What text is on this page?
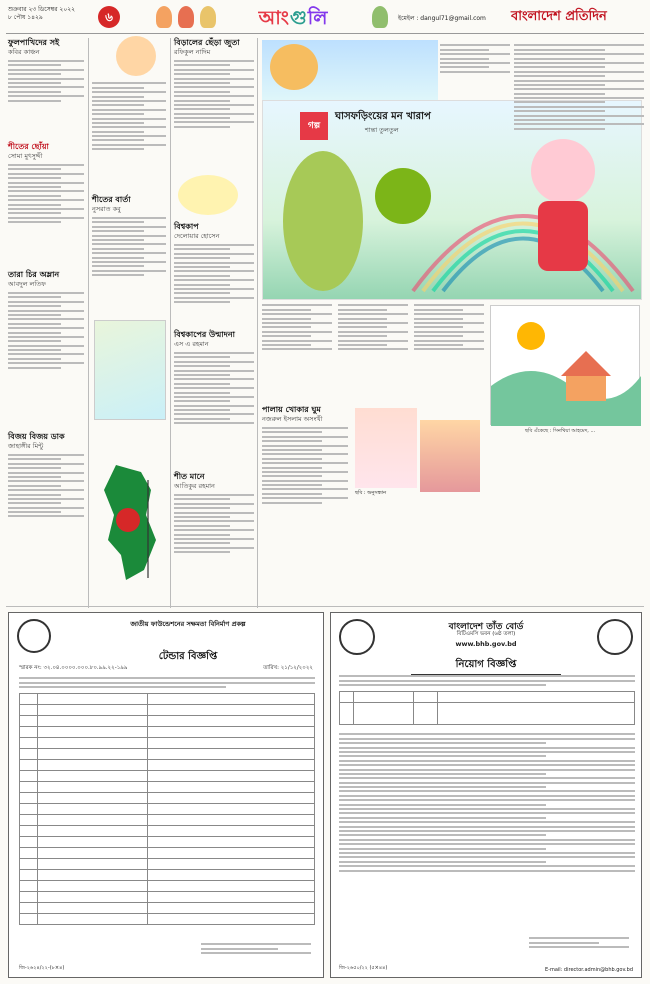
শুক্রবার ২৩ ডিসেম্বর ২০২২
৮ পৌষ ১৪২৯	৬	আগুলি	ইমেইল : dangul71@gmail.com বাংলাদেশ প্রতিদিন
ফুলপাখিদের সই
কবির কাঞ্চন
শীতের ছোঁয়া
সোমা মুৎসুদ্দী
তারা চির অম্লান
আবদুল লতিফ
বিজয় বিজয় ডাক
জাহাঙ্গীর মিন্টু
শীতের বার্তা
নুসরাত কবু
বিড়ালের ছেঁড়া জুতা
রফিকুল নাদিম
বিশ্বকাপ
দেলোয়ার হোসেন
বিশ্বকাপের উন্মাদনা
এস এ রহমান
শীত মানে
আতিকুর রহমান
গল্প
ঘাসফড়িংয়ের মন খারাপ
শান্তা তুলতুল
ছবি এঁকেছে : সিনথিয়া আহমেদ, ...
পালায় খোকার ঘুম
নজরুল ইসলাম অসংখী
ছবি : অনুসন্ধান
জাতীয় ফাউন্ডেশনের সক্ষমতা বিনির্মাণ প্রকল্প
টেন্ডার বিজ্ঞপ্তি
স্মারক নং: ৩২.০৪.০০০০.০০০.৮০.৯৯.২২-১৯৯	তারিখ: ২১/১২/২০২২

জি-২৬২৪/২২-(৮×৪)
বাংলাদেশ তাঁত বোর্ড
বিটিএমসি ভবন (৬ষ্ঠ তলা)
www.bhb.gov.bd
নিয়োগ বিজ্ঞপ্তি

জি-২৬৫০/২২ (৫×৪৪)	E-mail: director.admin@bhb.gov.bd
